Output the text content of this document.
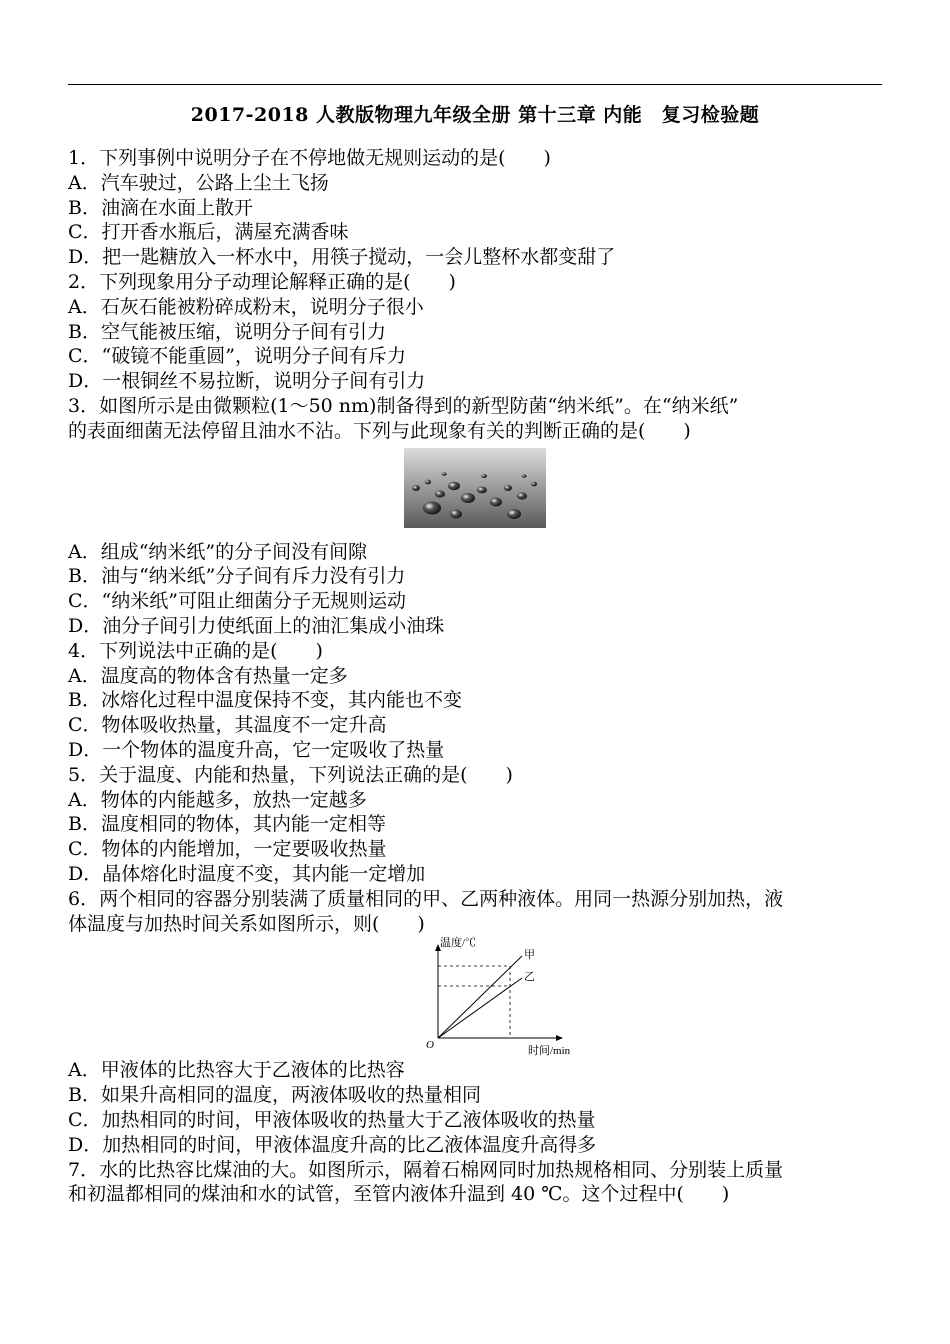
2017-2018 人教版物理九年级全册 第十三章 内能　复习检验题
1．下列事例中说明分子在不停地做无规则运动的是(　　)
A．汽车驶过，公路上尘土飞扬
B．油滴在水面上散开
C．打开香水瓶后，满屋充满香味
D．把一匙糖放入一杯水中，用筷子搅动，一会儿整杯水都变甜了
2．下列现象用分子动理论解释正确的是(　　)
A．石灰石能被粉碎成粉末，说明分子很小
B．空气能被压缩，说明分子间有引力
C．“破镜不能重圆”，说明分子间有斥力
D．一根铜丝不易拉断，说明分子间有引力
3．如图所示是由微颗粒(1～50 nm)制备得到的新型防菌“纳米纸”。在“纳米纸”
的表面细菌无法停留且油水不沾。下列与此现象有关的判断正确的是(　　)
A．组成“纳米纸”的分子间没有间隙
B．油与“纳米纸”分子间有斥力没有引力
C．“纳米纸”可阻止细菌分子无规则运动
D．油分子间引力使纸面上的油汇集成小油珠
4．下列说法中正确的是(　　)
A．温度高的物体含有热量一定多
B．冰熔化过程中温度保持不变，其内能也不变
C．物体吸收热量，其温度不一定升高
D．一个物体的温度升高，它一定吸收了热量
5．关于温度、内能和热量，下列说法正确的是(　　)
A．物体的内能越多，放热一定越多
B．温度相同的物体，其内能一定相等
C．物体的内能增加，一定要吸收热量
D．晶体熔化时温度不变，其内能一定增加
6．两个相同的容器分别装满了质量相同的甲、乙两种液体。用同一热源分别加热，液
体温度与加热时间关系如图所示，则(　　)
温度/℃
时间/min
O
甲
乙
A．甲液体的比热容大于乙液体的比热容
B．如果升高相同的温度，两液体吸收的热量相同
C．加热相同的时间，甲液体吸收的热量大于乙液体吸收的热量
D．加热相同的时间，甲液体温度升高的比乙液体温度升高得多
7．水的比热容比煤油的大。如图所示，隔着石棉网同时加热规格相同、分别装上质量
和初温都相同的煤油和水的试管，至管内液体升温到 40 ℃。这个过程中(　　)
